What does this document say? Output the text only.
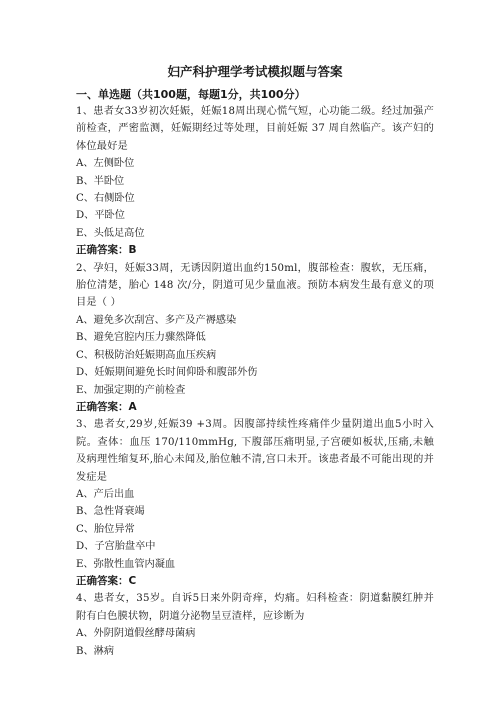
妇产科护理学考试模拟题与答案

一、单选题（共100题，每题1分，共100分）

1、患者女33岁初次妊娠，妊娠18周出现心慌气短，心功能二级。经过加强产前检查，严密监测，妊娠期经过等处理，目前妊娠 37 周自然临产。该产妇的体位最好是

A、左侧卧位

B、半卧位

C、右侧卧位

D、平卧位

E、头低足高位

正确答案：B

2、孕妇，妊娠33周，无诱因阴道出血约150ml，腹部检查：腹软，无压痛，胎位清楚，胎心 148 次/分，阴道可见少量血液。预防本病发生最有意义的项目是（ ）

A、避免多次刮宫、多产及产褥感染

B、避免宫腔内压力骤然降低

C、积极防治妊娠期高血压疾病

D、妊娠期间避免长时间仰卧和腹部外伤

E、加强定期的产前检查

正确答案：A

3、患者女,29岁,妊娠39 +3周。因腹部持续性疼痛伴少量阴道出血5小时入院。查体：血压 170/110mmHg, 下腹部压痛明显,子宫硬如板状,压痛,未触及病理性缩复环,胎心未闻及,胎位触不清,宫口未开。该患者最不可能出现的并发症是

A、产后出血

B、急性肾衰竭

C、胎位异常

D、子宫胎盘卒中

E、弥散性血管内凝血

正确答案：C

4、患者女，35岁。自诉5日来外阴奇痒，灼痛。妇科检查：阴道黏膜红肿并附有白色膜状物，阴道分泌物呈豆渣样，应诊断为

A、外阴阴道假丝酵母菌病

B、淋病
